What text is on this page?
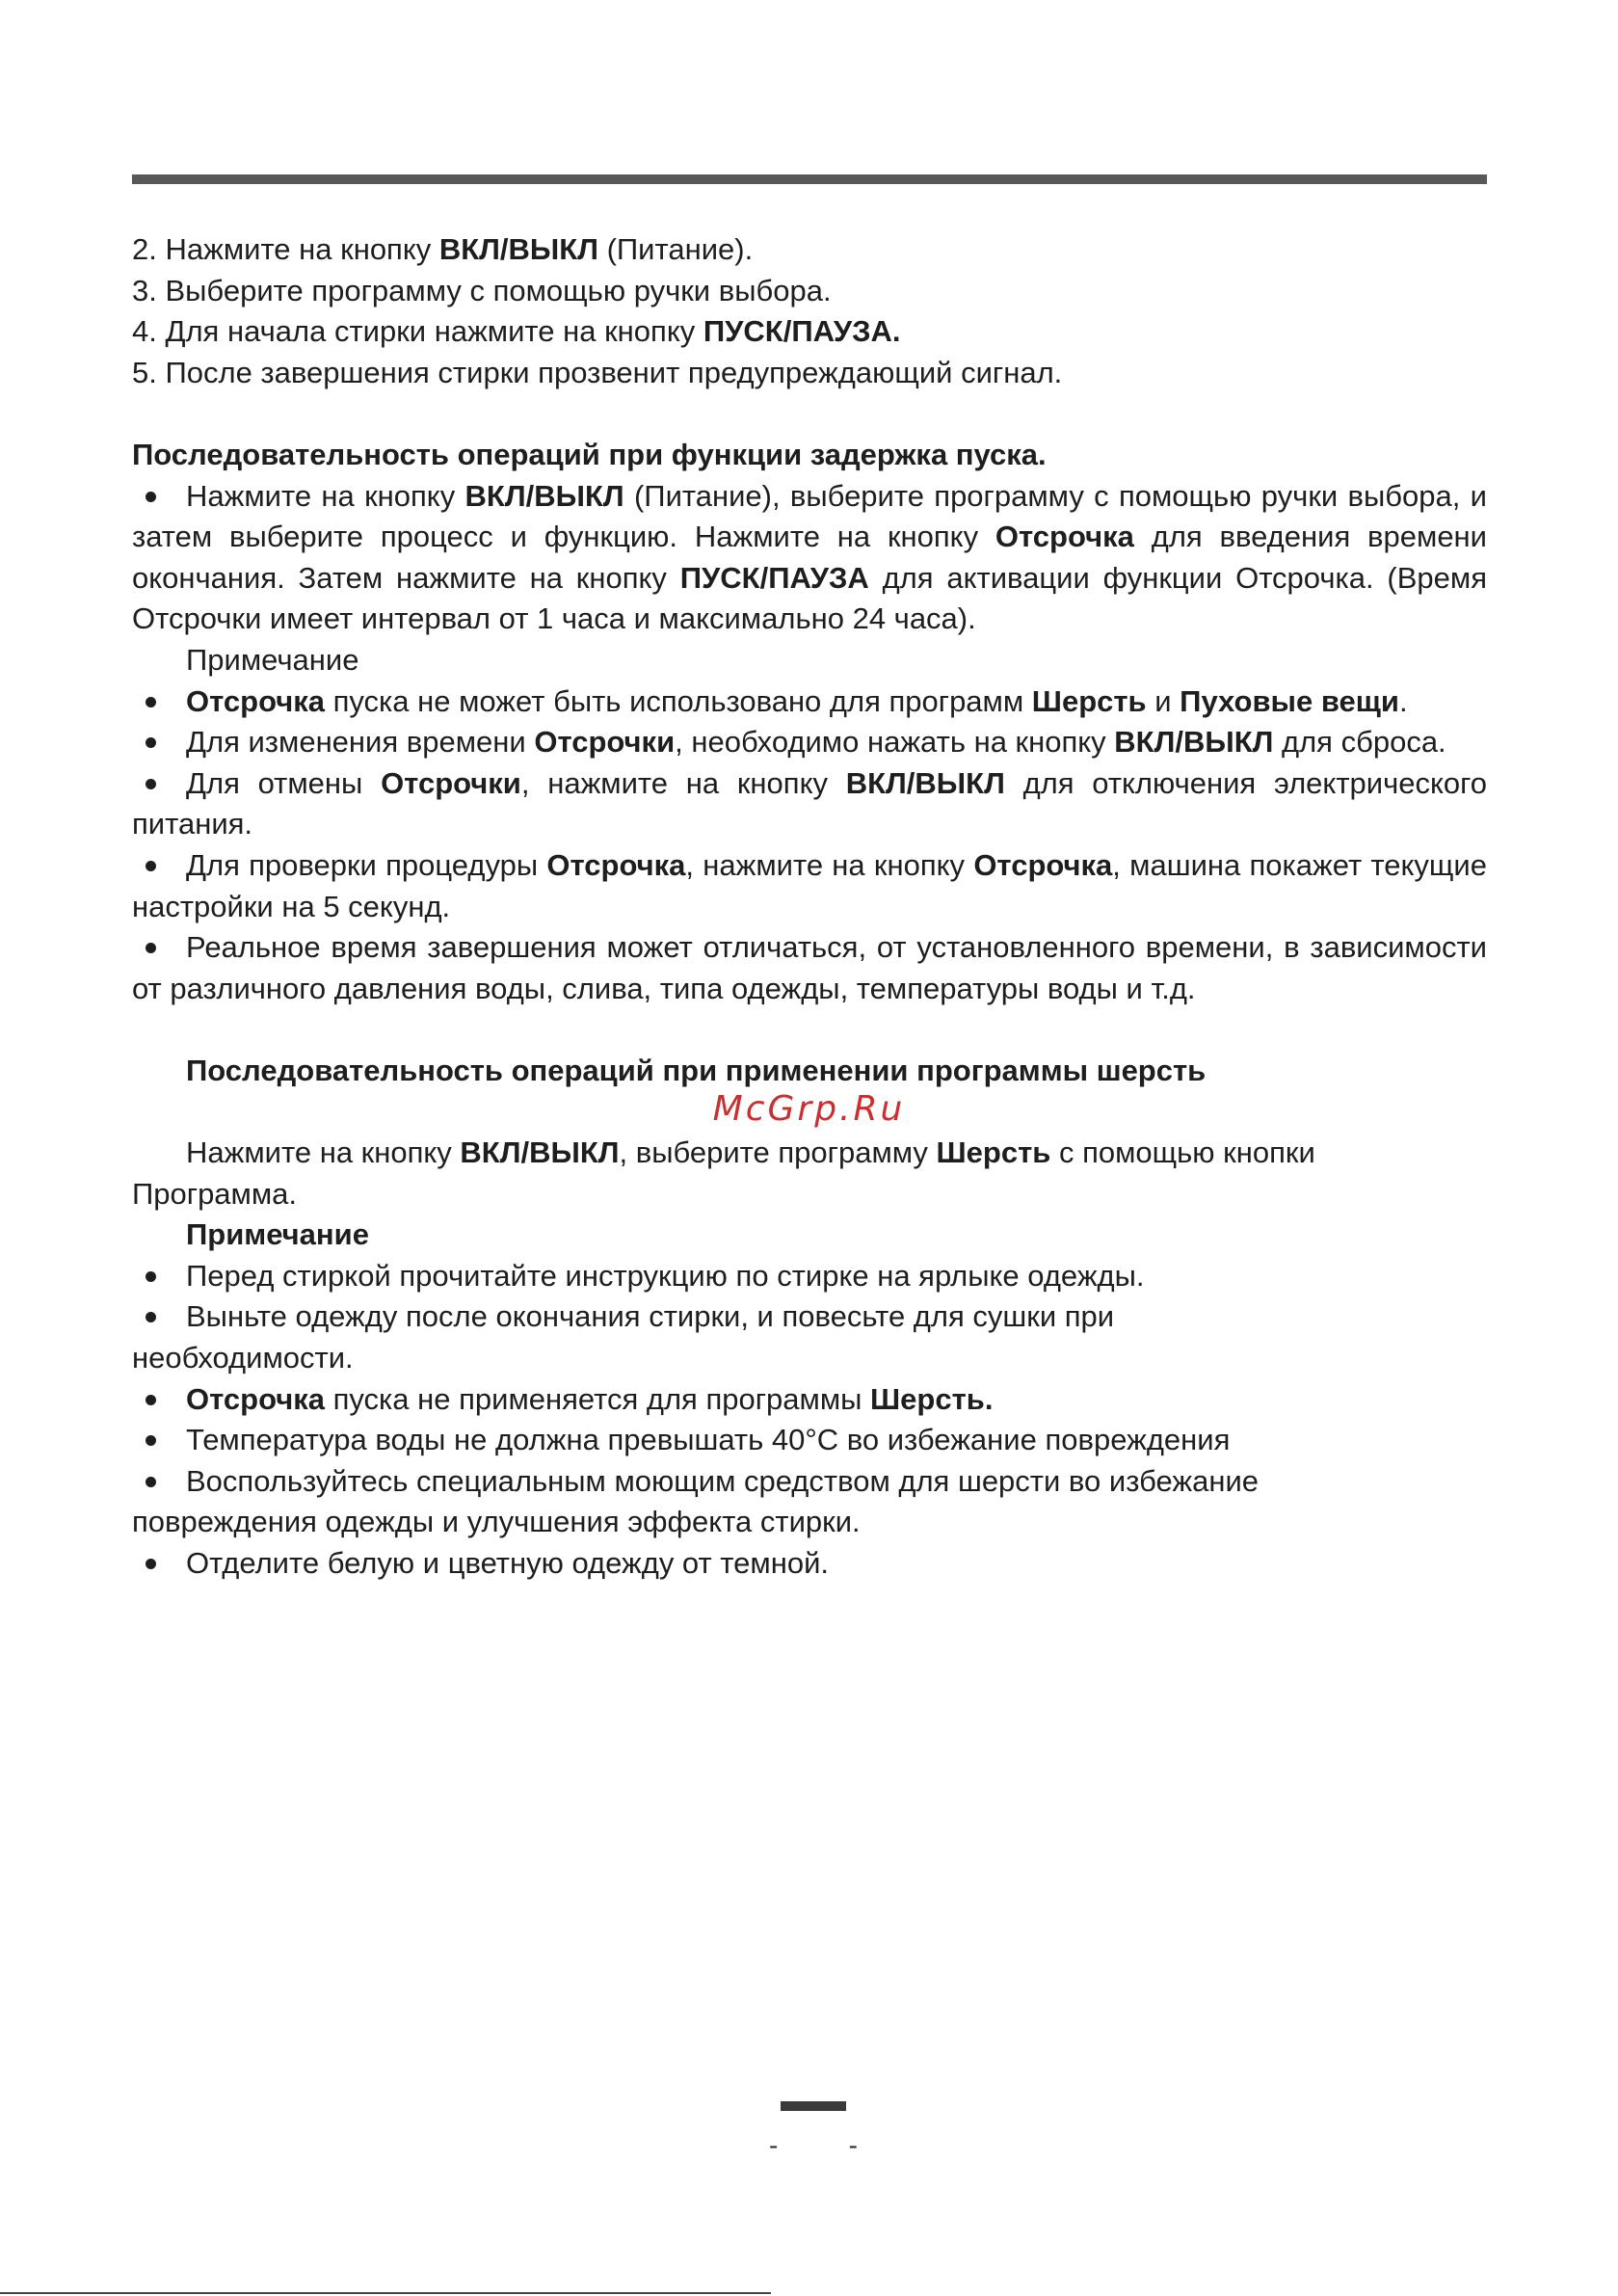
McGrp.Ru
2. Нажмите на кнопку ВКЛ/ВЫКЛ (Питание).
3. Выберите программу с помощью ручки выбора.
4. Для начала стирки нажмите на кнопку ПУСК/ПАУЗА.
5. После завершения стирки прозвенит предупреждающий сигнал.
Последовательность операций при функции задержка пуска.
Нажмите на кнопку ВКЛ/ВЫКЛ (Питание), выберите программу с помощью ручки выбора, и затем выберите процесс и функцию. Нажмите на кнопку Отсрочка для введения времени окончания. Затем нажмите на кнопку ПУСК/ПАУЗА для активации функции Отсрочка. (Время Отсрочки имеет интервал от 1 часа и максимально 24 часа).
Примечание
Отсрочка пуска не может быть использовано для программ Шерсть и Пуховые вещи.
Для изменения времени Отсрочки, необходимо нажать на кнопку ВКЛ/ВЫКЛ для сброса.
Для отмены Отсрочки, нажмите на кнопку ВКЛ/ВЫКЛ для отключения электрического питания.
Для проверки процедуры Отсрочка, нажмите на кнопку Отсрочка, машина покажет текущие настройки на 5 секунд.
Реальное время завершения может отличаться, от установленного времени, в зависимости от различного давления воды, слива, типа одежды, температуры воды и т.д.
Последовательность операций при применении программы шерсть
Нажмите на кнопку ВКЛ/ВЫКЛ, выберите программу Шерсть с помощью кнопки Программа.
Примечание
Перед стиркой прочитайте инструкцию по стирке на ярлыке одежды.
Выньте одежду после окончания стирки, и повесьте для сушки при необходимости.
Отсрочка пуска не применяется для программы Шерсть.
Температура воды не должна превышать 40°С во избежание повреждения
Воспользуйтесь специальным моющим средством для шерсти во избежание повреждения одежды и улучшения эффекта стирки.
Отделите белую и цветную одежду от темной.
-	-
